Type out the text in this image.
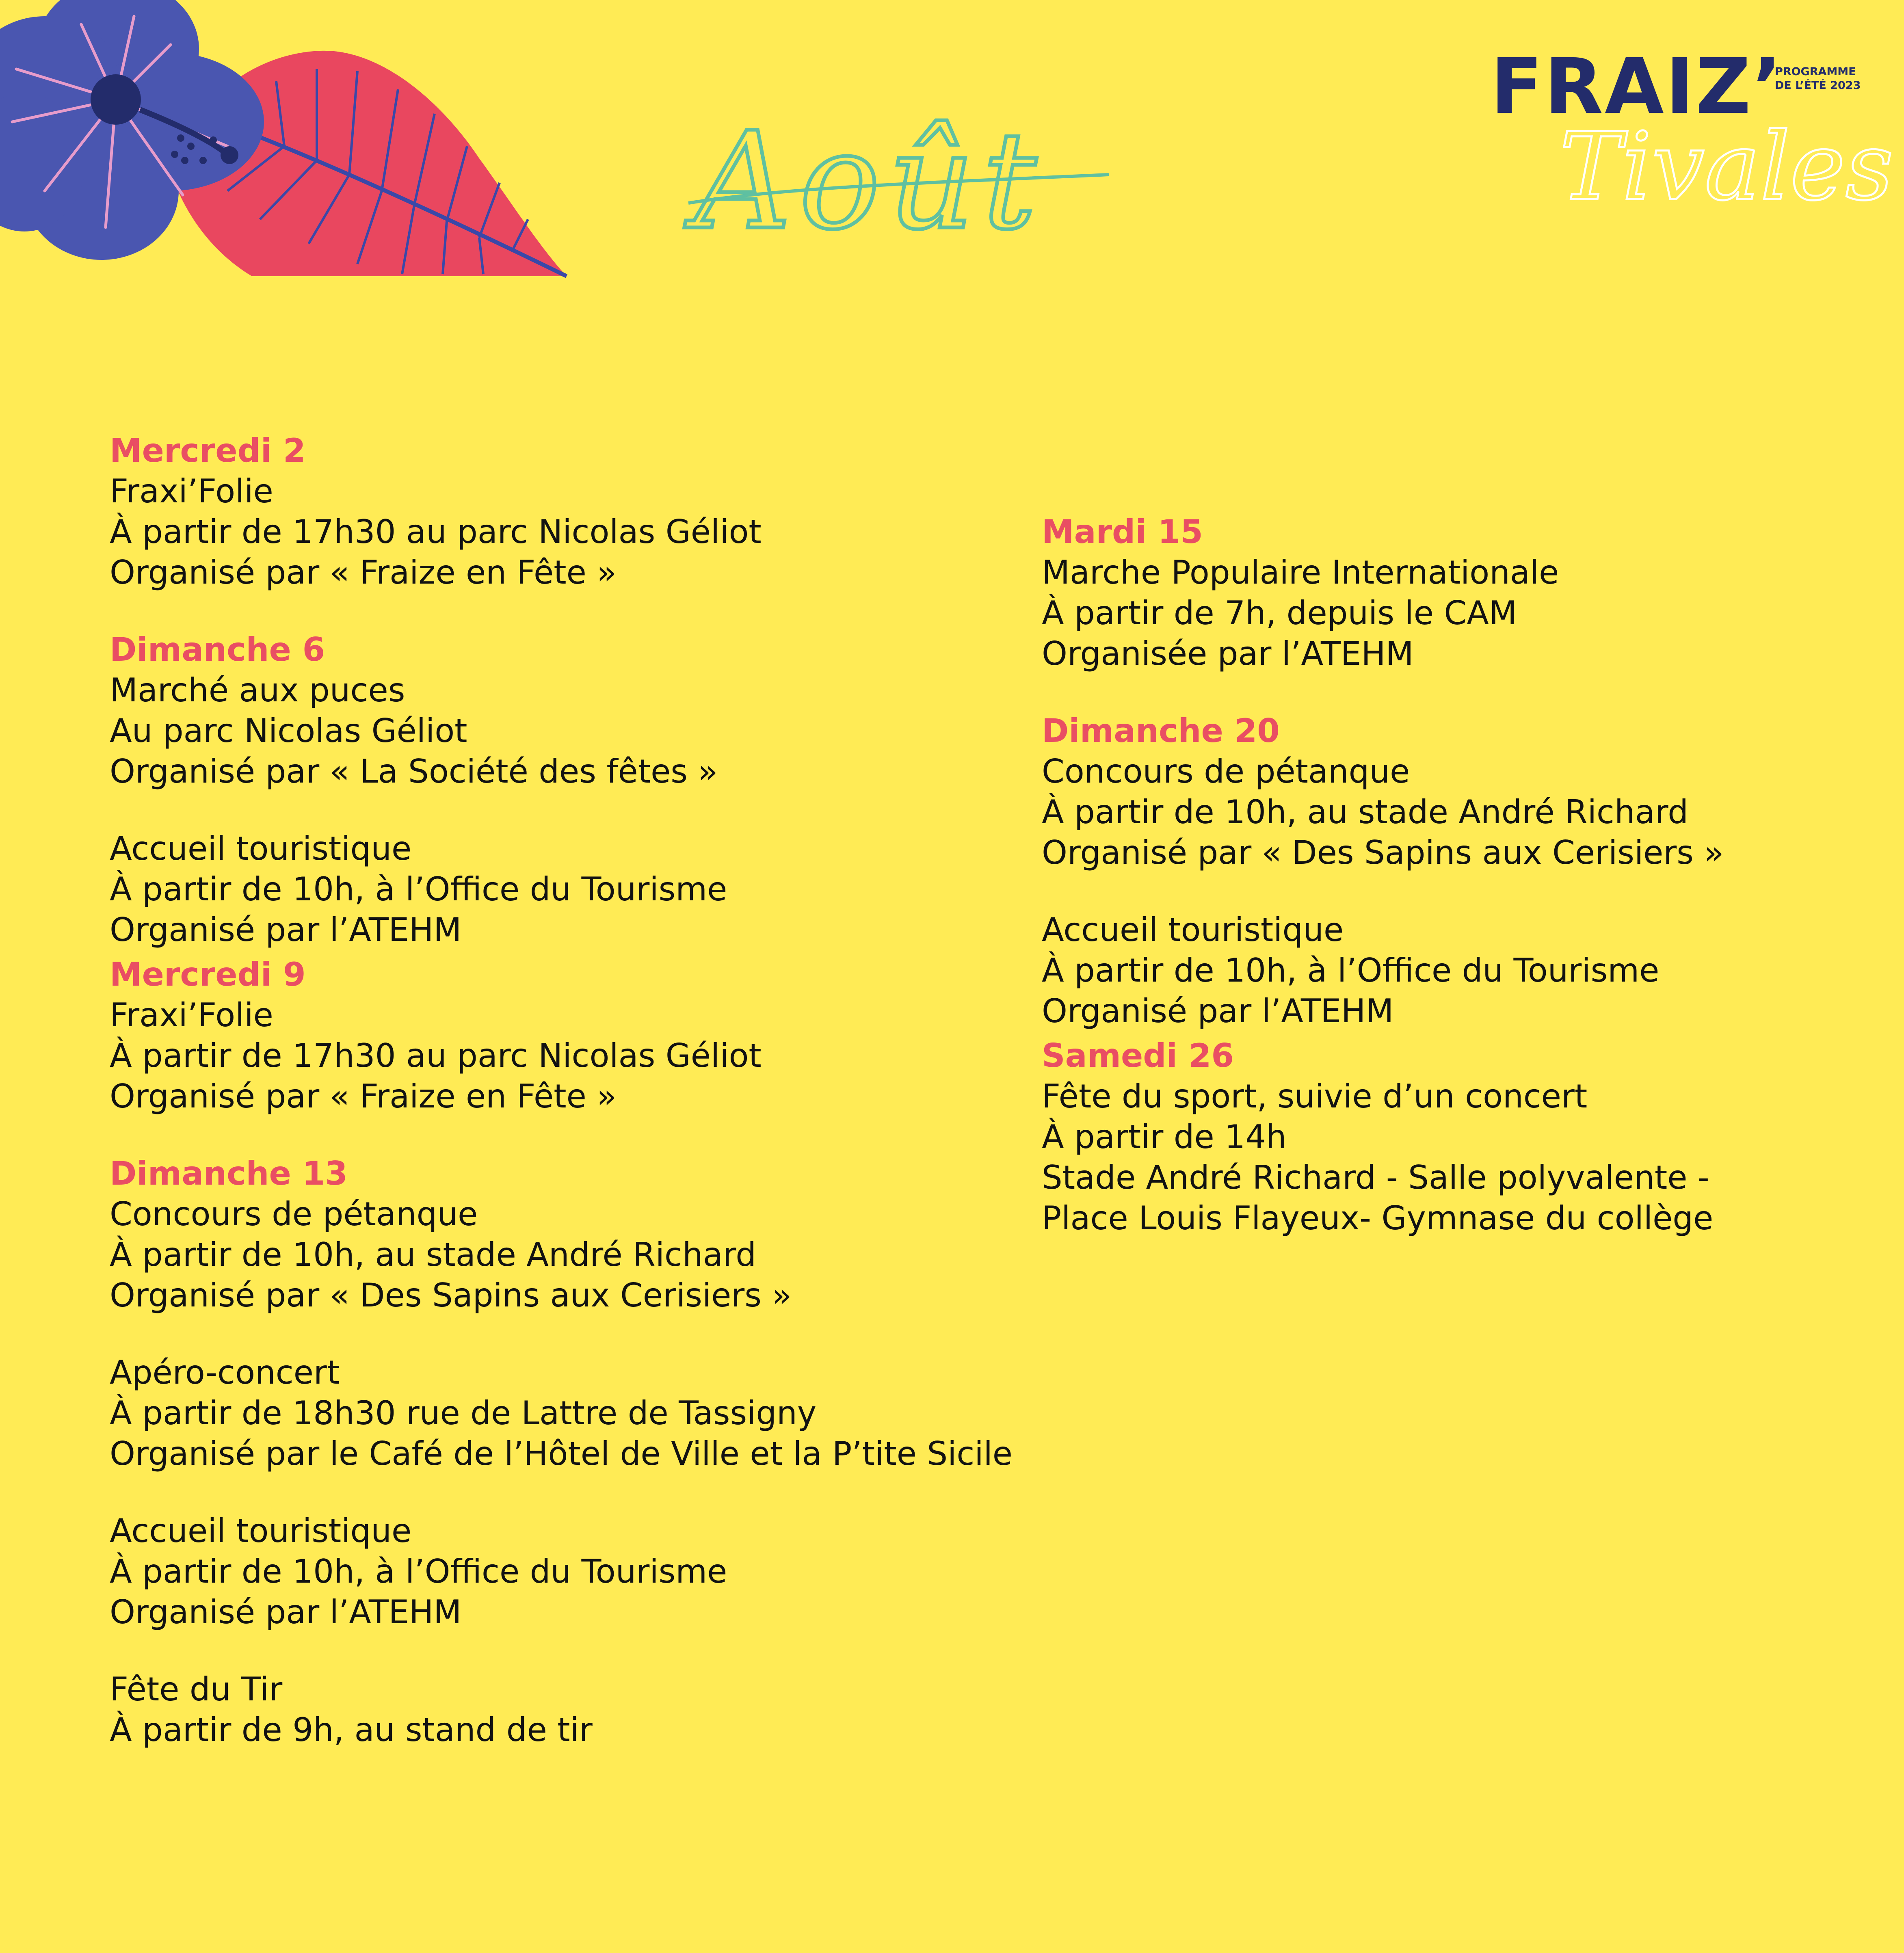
Août
FRAIZ’
PROGRAMME
DE L’ÉTÉ 2023
Tivales
Mercredi 2
Fraxi’Folie
À partir de 17h30 au parc Nicolas Géliot
Organisé par « Fraize en Fête »
Dimanche 6
Marché aux puces
Au parc Nicolas Géliot
Organisé par « La Société des fêtes »
Accueil touristique
À partir de 10h, à l’Office du Tourisme
Organisé par l’ATEHM
Mercredi 9
Fraxi’Folie
À partir de 17h30 au parc Nicolas Géliot
Organisé par « Fraize en Fête »
Dimanche 13
Concours de pétanque
À partir de 10h, au stade André Richard
Organisé par « Des Sapins aux Cerisiers »
Apéro-concert
À partir de 18h30 rue de Lattre de Tassigny
Organisé par le Café de l’Hôtel de Ville et la P’tite Sicile
Accueil touristique
À partir de 10h, à l’Office du Tourisme
Organisé par l’ATEHM
Fête du Tir
À partir de 9h, au stand de tir
Mardi 15
Marche Populaire Internationale
À partir de 7h, depuis le CAM
Organisée par l’ATEHM
Dimanche 20
Concours de pétanque
À partir de 10h, au stade André Richard
Organisé par « Des Sapins aux Cerisiers »
Accueil touristique
À partir de 10h, à l’Office du Tourisme
Organisé par l’ATEHM
Samedi 26
Fête du sport, suivie d’un concert
À partir de 14h
Stade André Richard - Salle polyvalente -
Place Louis Flayeux- Gymnase du collège
